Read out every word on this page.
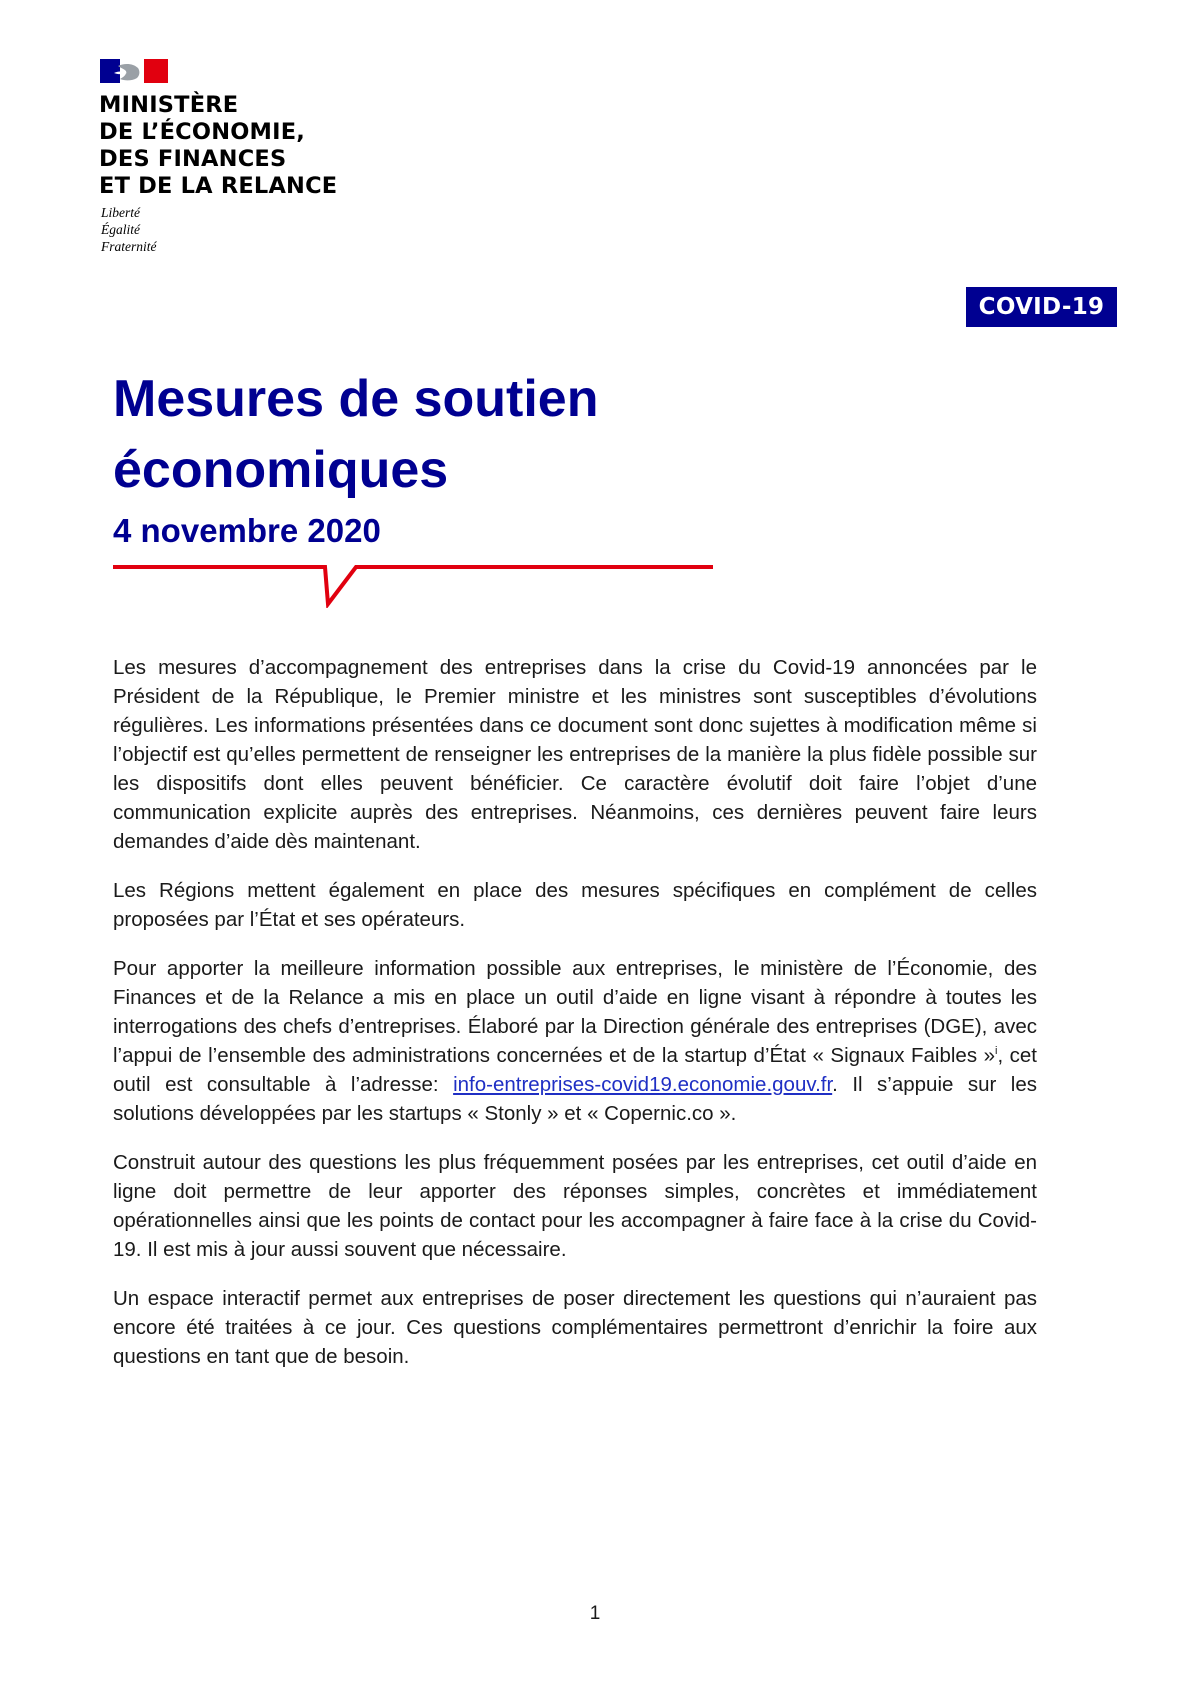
MINISTÈRE
DE L’ÉCONOMIE,
DES FINANCES
ET DE LA RELANCE

Liberté
Égalité
Fraternité

COVID-19
Mesures de soutien
économiques
4 novembre 2020

Les mesures d’accompagnement des entreprises dans la crise du Covid-19 annoncées par le Président de la République, le Premier ministre et les ministres sont susceptibles d’évolutions régulières. Les informations présentées dans ce document sont donc sujettes à modification même si l’objectif est qu’elles permettent de renseigner les entreprises de la manière la plus fidèle possible sur les dispositifs dont elles peuvent bénéficier. Ce caractère évolutif doit faire l’objet d’une communication explicite auprès des entreprises. Néanmoins, ces dernières peuvent faire leurs demandes d’aide dès maintenant.

Les Régions mettent également en place des mesures spécifiques en complément de celles proposées par l’État et ses opérateurs.

Pour apporter la meilleure information possible aux entreprises, le ministère de l’Économie, des Finances et de la Relance a mis en place un outil d’aide en ligne visant à répondre à toutes les interrogations des chefs d’entreprises. Élaboré par la Direction générale des entreprises (DGE), avec l’appui de l’ensemble des administrations concernées et de la startup d’État « Signaux Faibles »$^i$, cet outil est consultable à l’adresse: info-entreprises-covid19.economie.gouv.fr. Il s’appuie sur les solutions développées par les startups « Stonly » et « Copernic.co ».

Construit autour des questions les plus fréquemment posées par les entreprises, cet outil d’aide en ligne doit permettre de leur apporter des réponses simples, concrètes et immédiatement opérationnelles ainsi que les points de contact pour les accompagner à faire face à la crise du Covid-19. Il est mis à jour aussi souvent que nécessaire.

Un espace interactif permet aux entreprises de poser directement les questions qui n’auraient pas encore été traitées à ce jour. Ces questions complémentaires permettront d’enrichir la foire aux questions en tant que de besoin.

1
